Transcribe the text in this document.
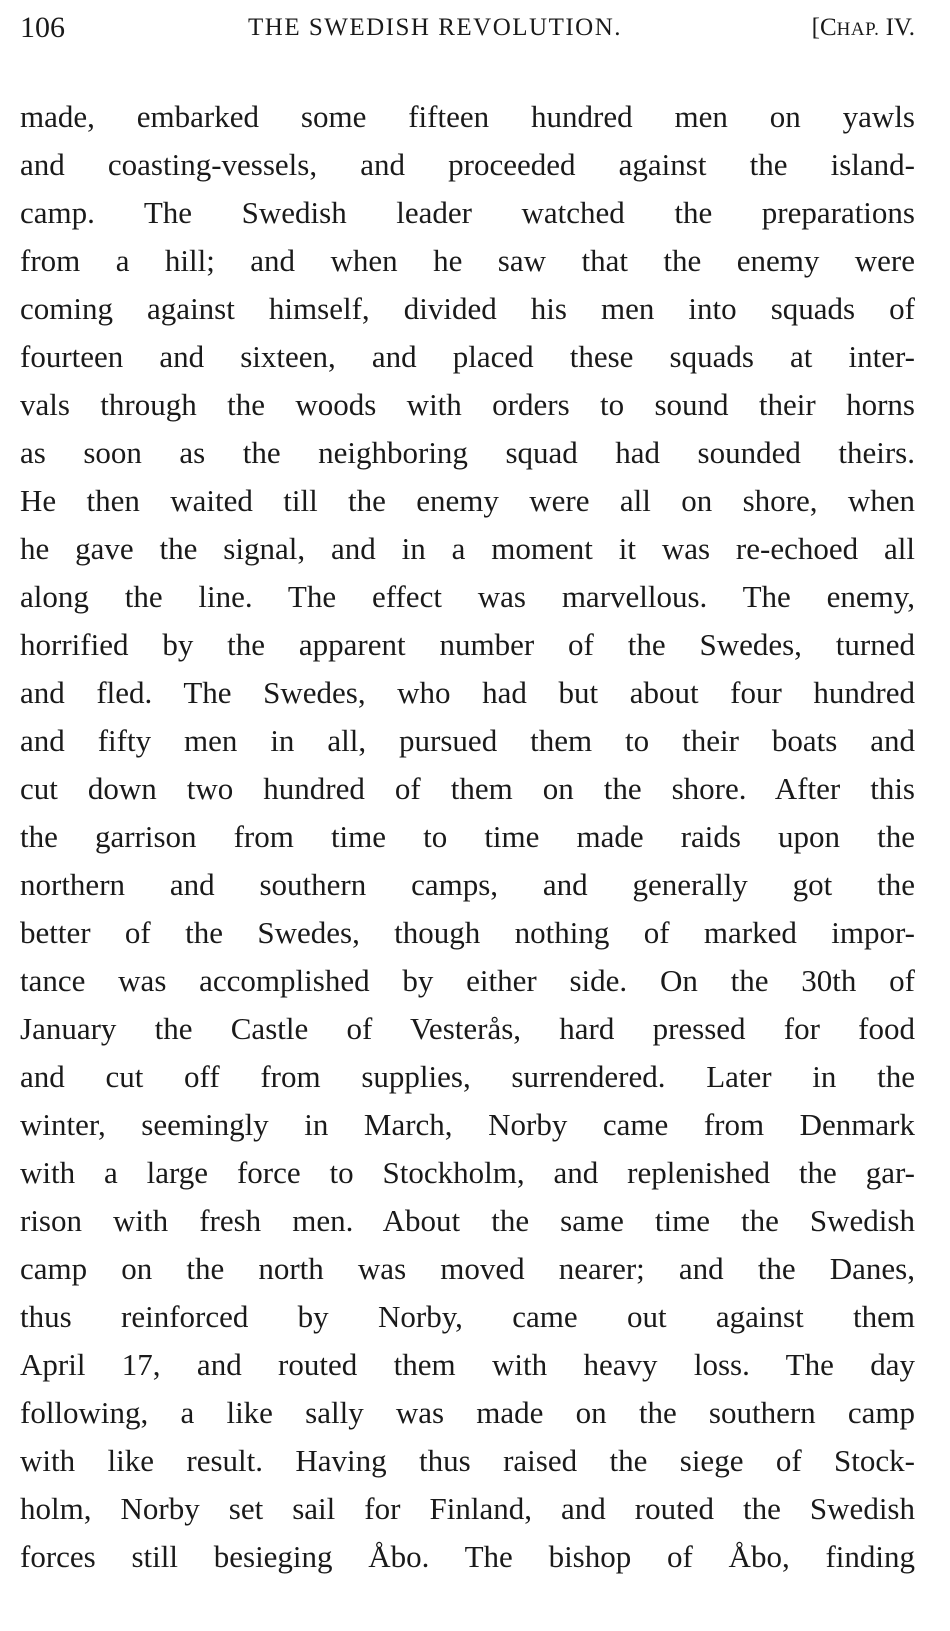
106	THE SWEDISH REVOLUTION.	[CHAP. IV.
made, embarked some fifteen hundred men on yawls
and coasting-vessels, and proceeded against the island-
camp. The Swedish leader watched the preparations
from a hill; and when he saw that the enemy were
coming against himself, divided his men into squads of
fourteen and sixteen, and placed these squads at inter-
vals through the woods with orders to sound their horns
as soon as the neighboring squad had sounded theirs.
He then waited till the enemy were all on shore, when
he gave the signal, and in a moment it was re-echoed all
along the line. The effect was marvellous. The enemy,
horrified by the apparent number of the Swedes, turned
and fled. The Swedes, who had but about four hundred
and fifty men in all, pursued them to their boats and
cut down two hundred of them on the shore. After this
the garrison from time to time made raids upon the
northern and southern camps, and generally got the
better of the Swedes, though nothing of marked impor-
tance was accomplished by either side. On the 30th of
January the Castle of Vesterås, hard pressed for food
and cut off from supplies, surrendered. Later in the
winter, seemingly in March, Norby came from Denmark
with a large force to Stockholm, and replenished the gar-
rison with fresh men. About the same time the Swedish
camp on the north was moved nearer; and the Danes,
thus reinforced by Norby, came out against them
April 17, and routed them with heavy loss. The day
following, a like sally was made on the southern camp
with like result. Having thus raised the siege of Stock-
holm, Norby set sail for Finland, and routed the Swedish
forces still besieging Åbo. The bishop of Åbo, finding
